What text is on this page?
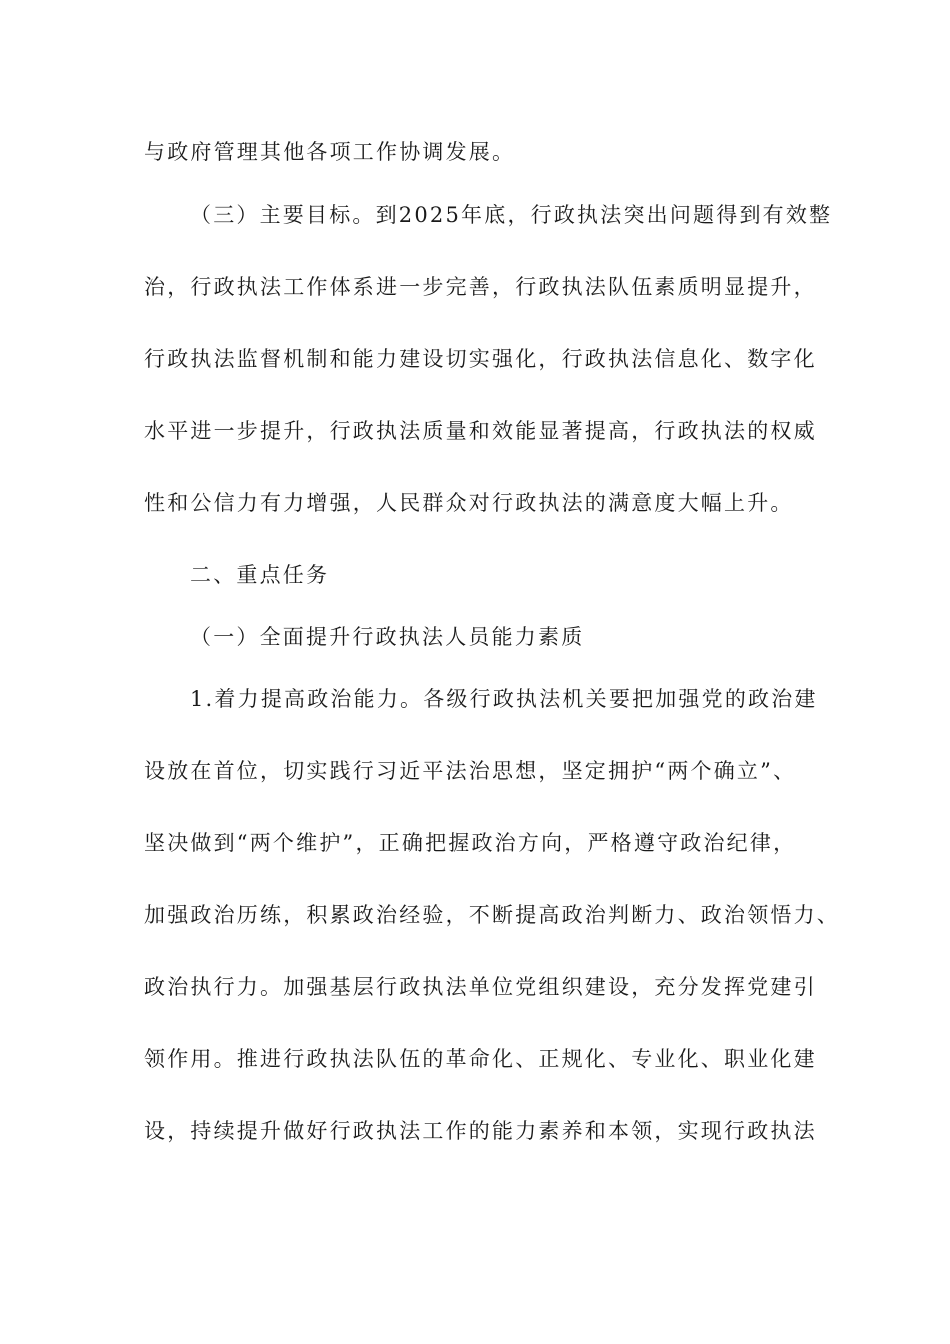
与政府管理其他各项工作协调发展。
（三）主要目标。到2025年底，行政执法突出问题得到有效整
治，行政执法工作体系进一步完善，行政执法队伍素质明显提升，
行政执法监督机制和能力建设切实强化，行政执法信息化、数字化
水平进一步提升，行政执法质量和效能显著提高，行政执法的权威
性和公信力有力增强，人民群众对行政执法的满意度大幅上升。
二、重点任务
（一）全面提升行政执法人员能力素质
1.着力提高政治能力。各级行政执法机关要把加强党的政治建
设放在首位，切实践行习近平法治思想，坚定拥护“两个确立”、
坚决做到“两个维护”，正确把握政治方向，严格遵守政治纪律，
加强政治历练，积累政治经验，不断提高政治判断力、政治领悟力、
政治执行力。加强基层行政执法单位党组织建设，充分发挥党建引
领作用。推进行政执法队伍的革命化、正规化、专业化、职业化建
设，持续提升做好行政执法工作的能力素养和本领，实现行政执法
